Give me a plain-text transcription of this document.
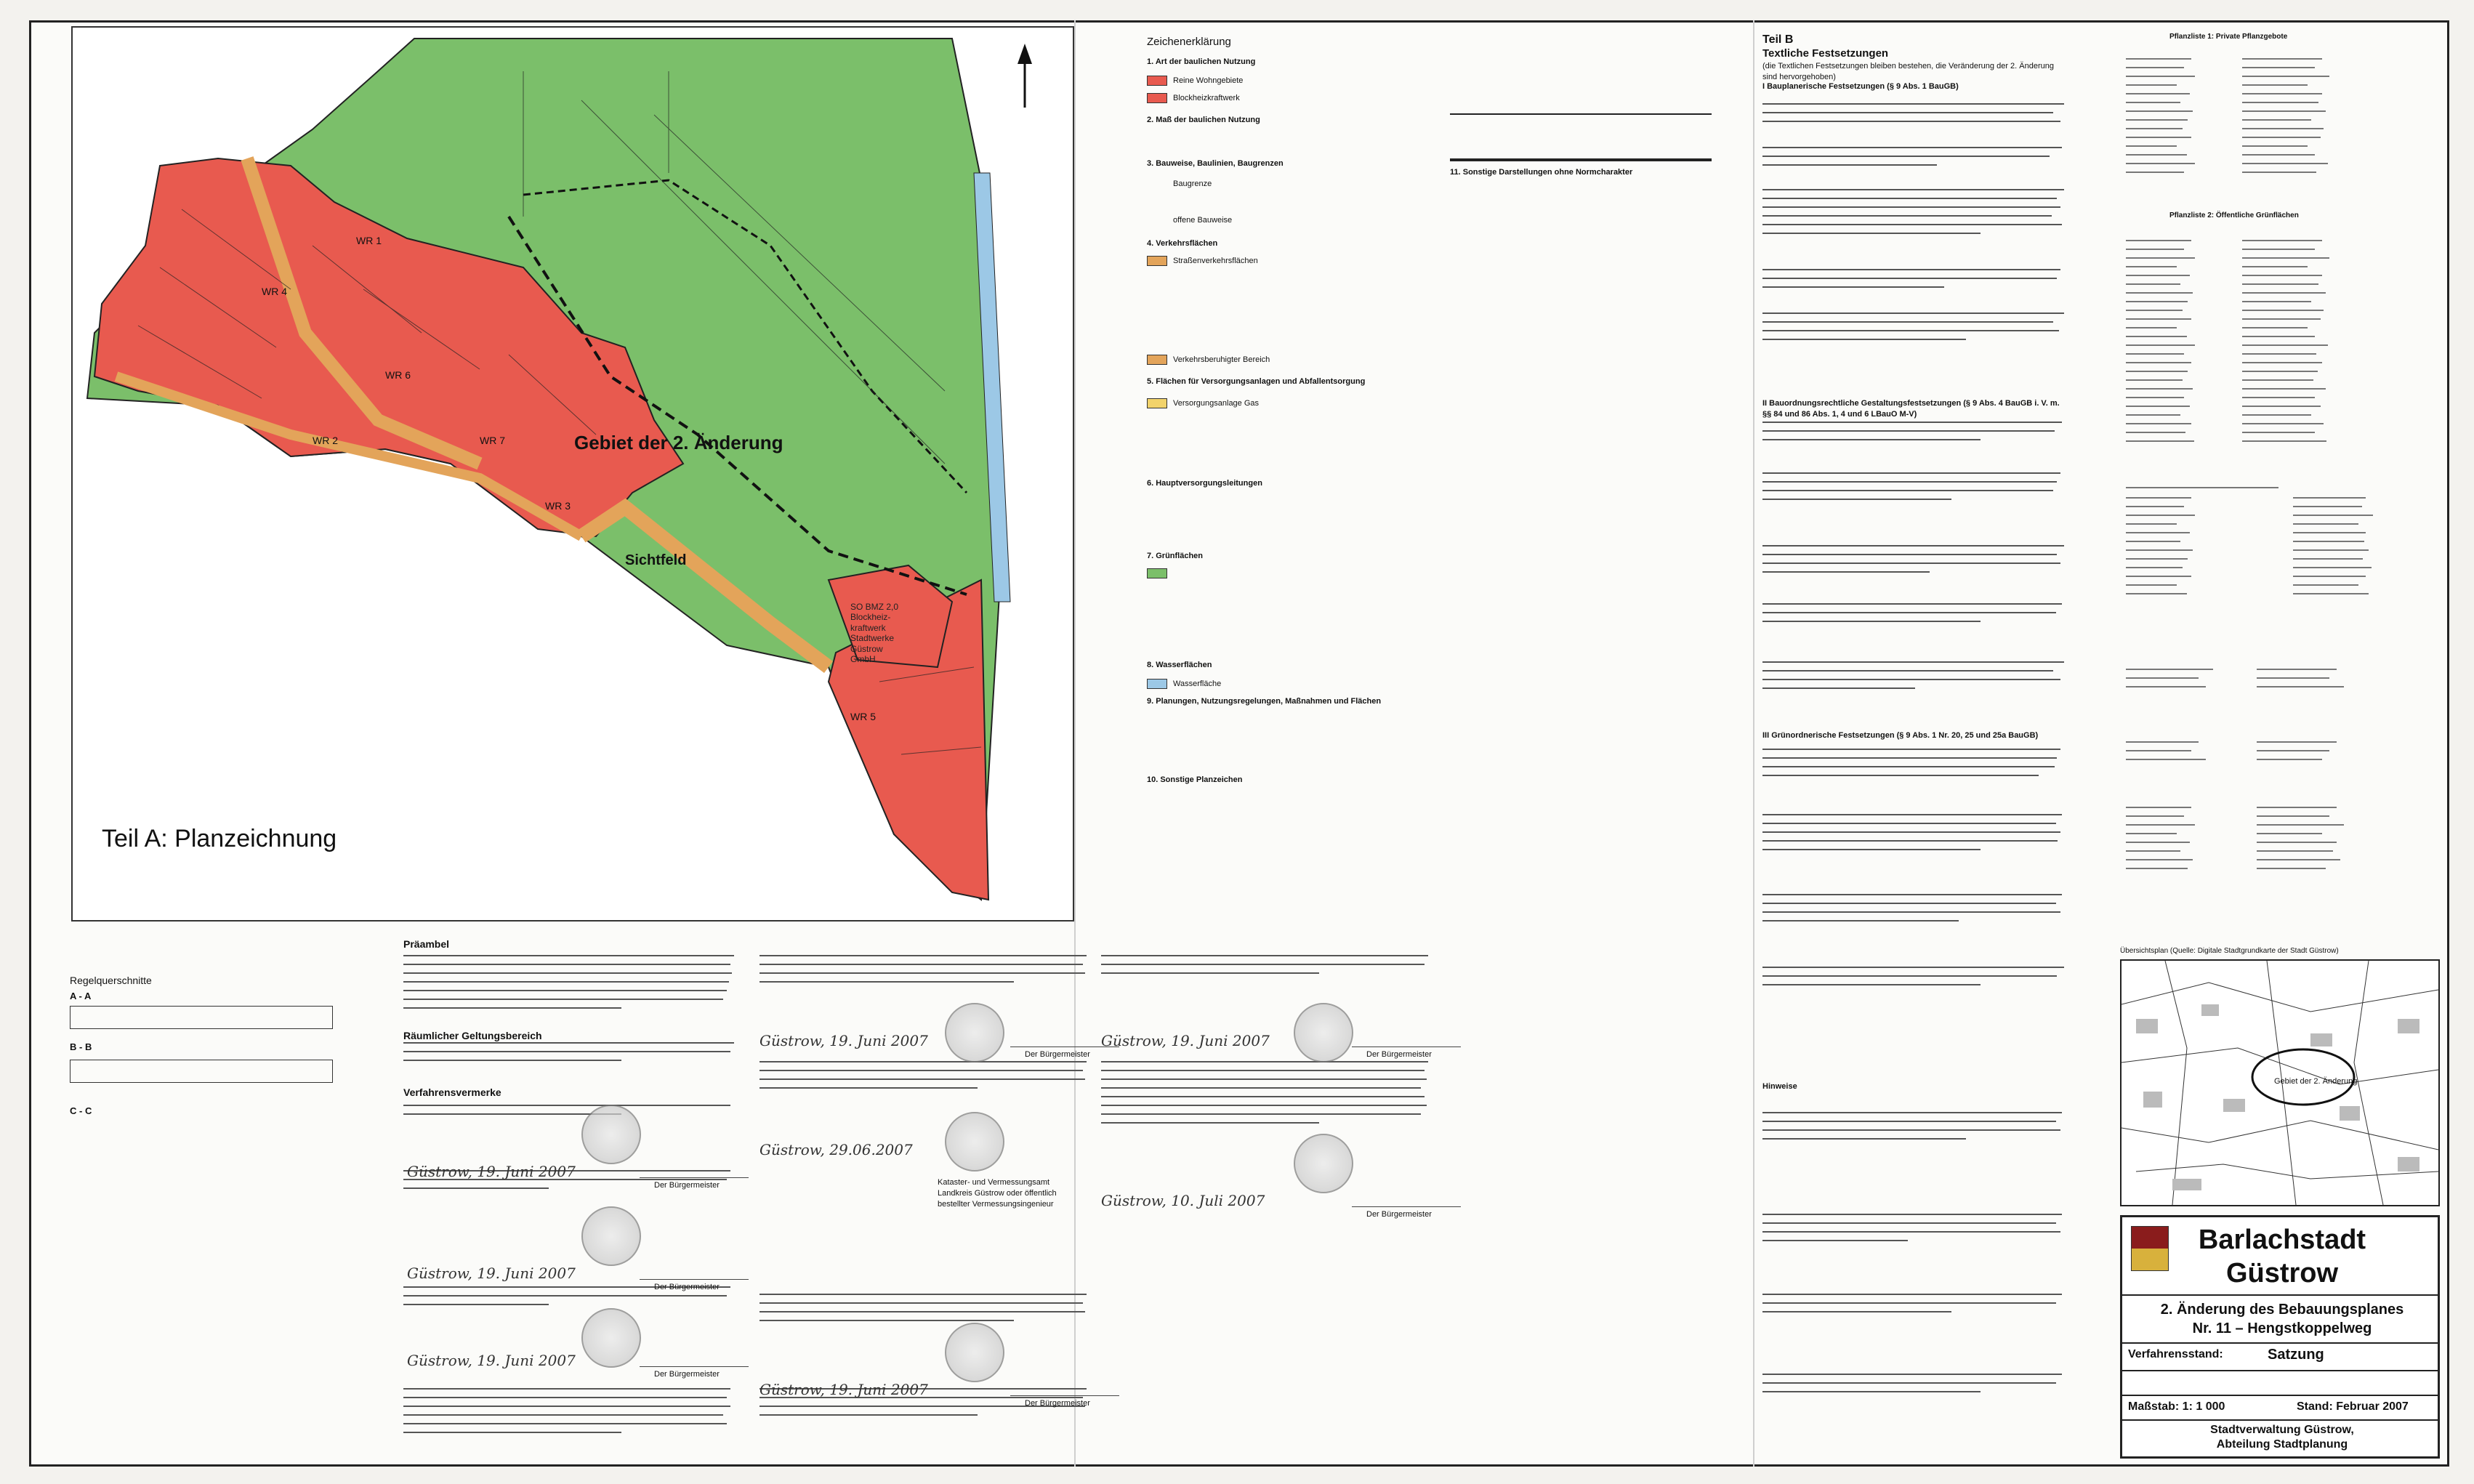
Gebiet der 2. Änderung
Sichtfeld
WR 1
WR 4
WR 6
WR 2	WR 7
WR 3
WR 5
SO BMZ 2,0
Blockheiz-
kraftwerk
Stadtwerke
Güstrow
GmbH
Teil A: Planzeichnung
Zeichenerklärung
1. Art der baulichen Nutzung
Reine Wohngebiete
Blockheizkraftwerk
2. Maß der baulichen Nutzung
3. Bauweise, Baulinien, Baugrenzen
Baugrenze
offene Bauweise
4. Verkehrsflächen
Straßenverkehrsflächen
Verkehrsberuhigter Bereich
5. Flächen für Versorgungsanlagen und Abfallentsorgung
Versorgungsanlage Gas
6. Hauptversorgungsleitungen
7. Grünflächen
8. Wasserflächen
Wasserfläche
9. Planungen, Nutzungsregelungen, Maßnahmen und Flächen
10. Sonstige Planzeichen
11. Sonstige Darstellungen ohne Normcharakter
Teil B
Textliche Festsetzungen
(die Textlichen Festsetzungen bleiben bestehen, die Veränderung der 2. Änderung sind hervorgehoben)
I Bauplanerische Festsetzungen (§ 9 Abs. 1 BauGB)
II Bauordnungsrechtliche Gestaltungsfestsetzungen (§ 9 Abs. 4 BauGB i. V. m. §§ 84 und 86 Abs. 1, 4 und 6 LBauO M-V)
III Grünordnerische Festsetzungen (§ 9 Abs. 1 Nr. 20, 25 und 25a BauGB)
Hinweise
Pflanzliste 1: Private Pflanzgebote
Pflanzliste 2: Öffentliche Grünflächen
Übersichtsplan (Quelle: Digitale Stadtgrundkarte der Stadt Güstrow)
Gebiet der 2. Änderung
Barlachstadt
Güstrow
2. Änderung des Bebauungsplanes
Nr. 11 – Hengstkoppelweg
Verfahrensstand:	Satzung
Maßstab: 1: 1 000	Stand: Februar 2007
Stadtverwaltung Güstrow,
Abteilung Stadtplanung
Regelquerschnitte
A - A
B - B
C - C
Präambel
Räumlicher Geltungsbereich
Verfahrensvermerke
Güstrow, 19. Juni 2007
Der Bürgermeister
Güstrow, 19. Juni 2007
Der Bürgermeister
Güstrow, 19. Juni 2007
Der Bürgermeister
Güstrow, 19. Juni 2007
Der Bürgermeister
Güstrow, 29.06.2007
Kataster- und Vermessungsamt Landkreis Güstrow oder öffentlich bestellter Vermessungsingenieur
Güstrow, 19. Juni 2007
Der Bürgermeister
Güstrow, 19. Juni 2007
Der Bürgermeister
Güstrow, 10. Juli 2007
Der Bürgermeister
